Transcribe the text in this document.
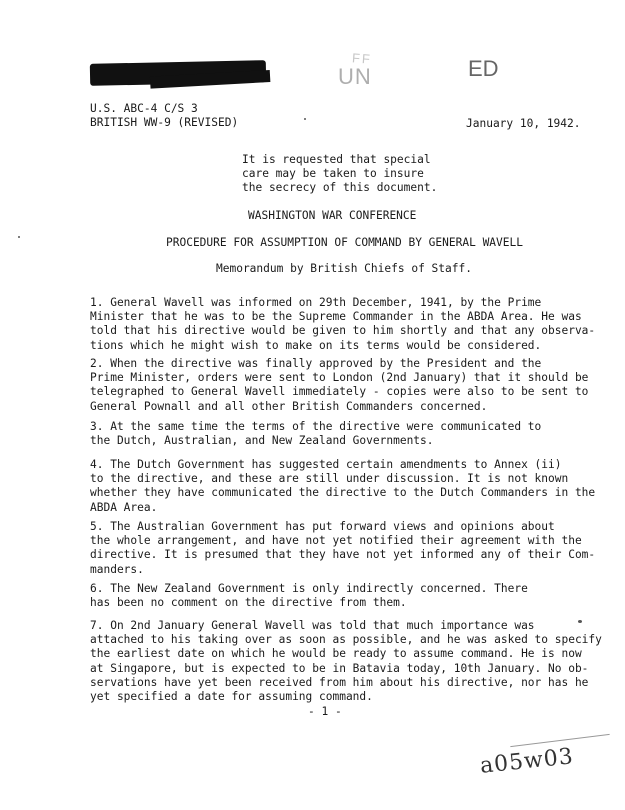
FF
UN	ED
U.S. ABC-4 C/S 3
BRITISH WW-9 (REVISED)	January 10, 1942.
It is requested that special
care may be taken to insure
the secrecy of this document.
WASHINGTON WAR CONFERENCE
PROCEDURE FOR ASSUMPTION OF COMMAND BY GENERAL WAVELL
Memorandum by British Chiefs of Staff.
1. General Wavell was informed on 29th December, 1941, by the Prime
Minister that he was to be the Supreme Commander in the ABDA Area. He was
told that his directive would be given to him shortly and that any observa-
tions which he might wish to make on its terms would be considered.
2. When the directive was finally approved by the President and the
Prime Minister, orders were sent to London (2nd January) that it should be
telegraphed to General Wavell immediately - copies were also to be sent to
General Pownall and all other British Commanders concerned.
3. At the same time the terms of the directive were communicated to
the Dutch, Australian, and New Zealand Governments.
4. The Dutch Government has suggested certain amendments to Annex (ii)
to the directive, and these are still under discussion. It is not known
whether they have communicated the directive to the Dutch Commanders in the
ABDA Area.
5. The Australian Government has put forward views and opinions about
the whole arrangement, and have not yet notified their agreement with the
directive. It is presumed that they have not yet informed any of their Com-
manders.
6. The New Zealand Government is only indirectly concerned. There
has been no comment on the directive from them.
7. On 2nd January General Wavell was told that much importance was
attached to his taking over as soon as possible, and he was asked to specify
the earliest date on which he would be ready to assume command. He is now
at Singapore, but is expected to be in Batavia today, 10th January. No ob-
servations have yet been received from him about his directive, nor has he
yet specified a date for assuming command.
- 1 -
a05w03
